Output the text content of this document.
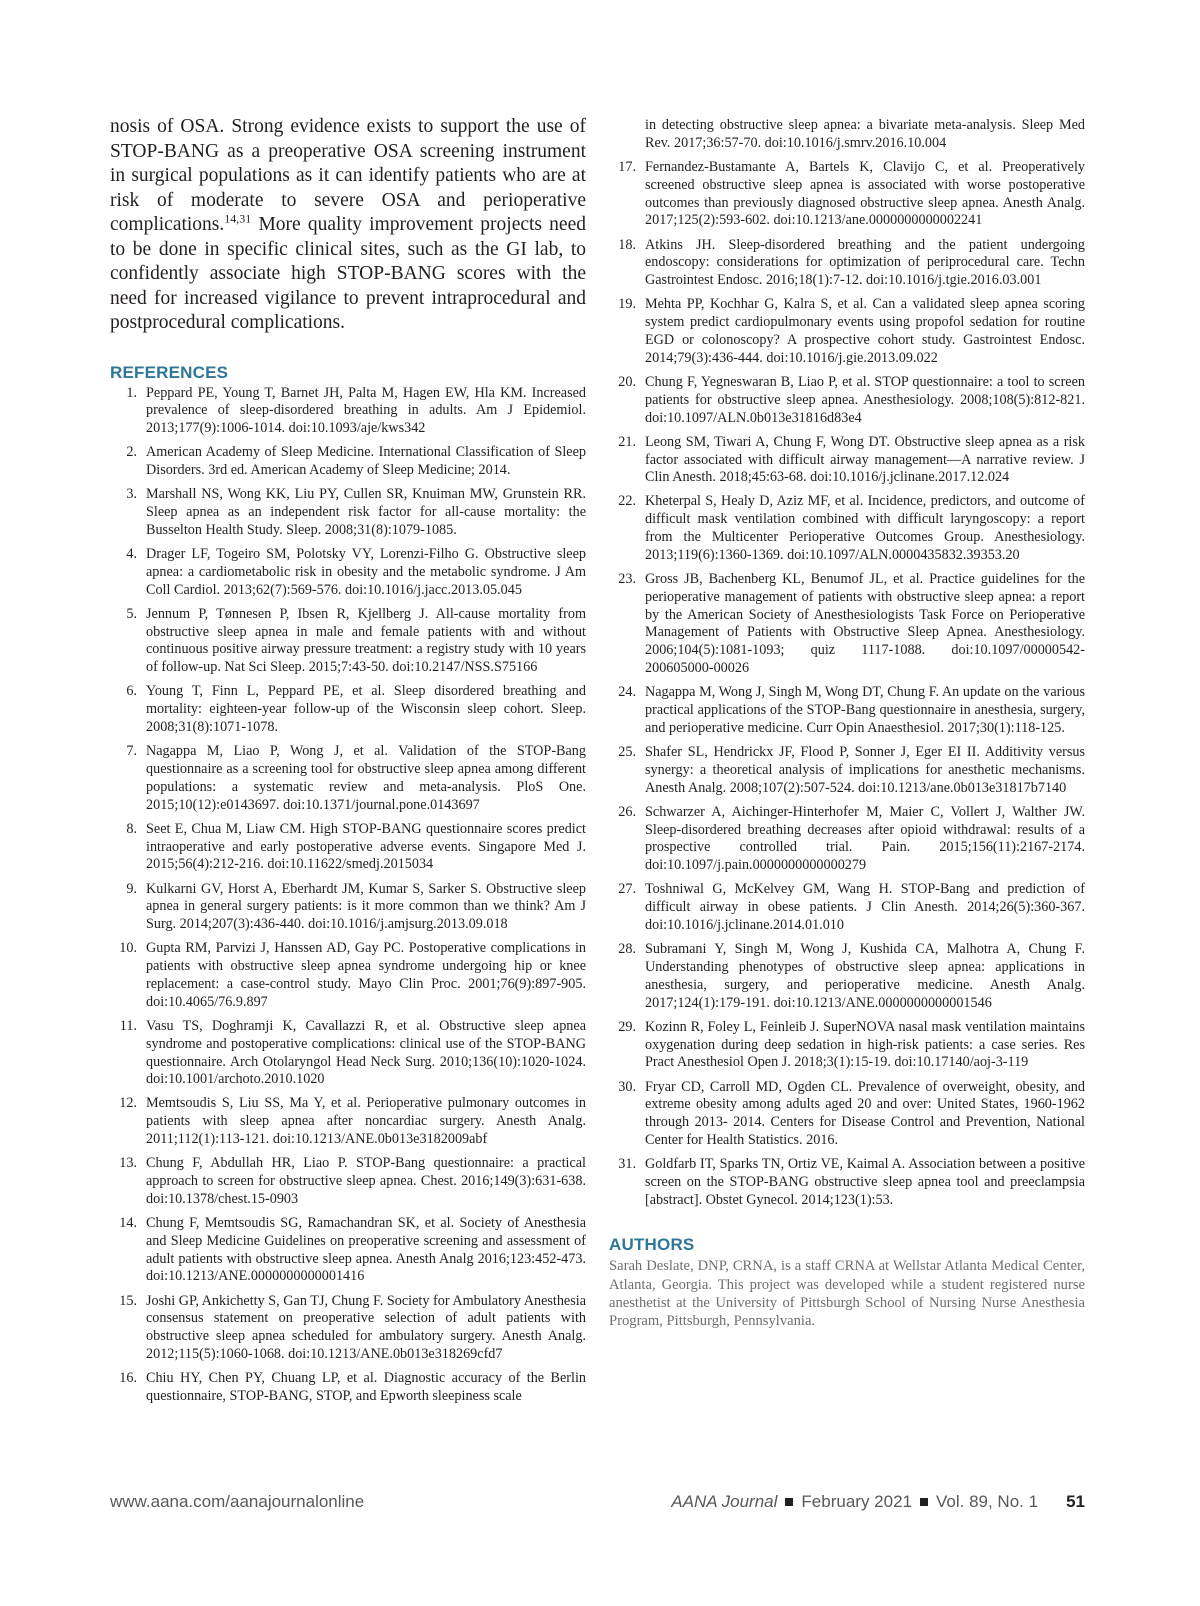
nosis of OSA. Strong evidence exists to support the use of STOP-BANG as a preoperative OSA screening instrument in surgical populations as it can identify patients who are at risk of moderate to severe OSA and perioperative complications.$^{14,31}$ More quality improvement projects need to be done in specific clinical sites, such as the GI lab, to confidently associate high STOP-BANG scores with the need for increased vigilance to prevent intraprocedural and postprocedural complications.

REFERENCES
1. Peppard PE, Young T, Barnet JH, Palta M, Hagen EW, Hla KM. Increased prevalence of sleep-disordered breathing in adults. Am J Epidemiol. 2013;177(9):1006-1014. doi:10.1093/aje/kws342
2. American Academy of Sleep Medicine. International Classification of Sleep Disorders. 3rd ed. American Academy of Sleep Medicine; 2014.
3. Marshall NS, Wong KK, Liu PY, Cullen SR, Knuiman MW, Grunstein RR. Sleep apnea as an independent risk factor for all-cause mortality: the Busselton Health Study. Sleep. 2008;31(8):1079-1085.
4. Drager LF, Togeiro SM, Polotsky VY, Lorenzi-Filho G. Obstructive sleep apnea: a cardiometabolic risk in obesity and the metabolic syndrome. J Am Coll Cardiol. 2013;62(7):569-576. doi:10.1016/j.jacc.2013.05.045
5. Jennum P, Tønnesen P, Ibsen R, Kjellberg J. All-cause mortality from obstructive sleep apnea in male and female patients with and without continuous positive airway pressure treatment: a registry study with 10 years of follow-up. Nat Sci Sleep. 2015;7:43-50. doi:10.2147/NSS.S75166
6. Young T, Finn L, Peppard PE, et al. Sleep disordered breathing and mortality: eighteen-year follow-up of the Wisconsin sleep cohort. Sleep. 2008;31(8):1071-1078.
7. Nagappa M, Liao P, Wong J, et al. Validation of the STOP-Bang questionnaire as a screening tool for obstructive sleep apnea among different populations: a systematic review and meta-analysis. PloS One. 2015;10(12):e0143697. doi:10.1371/journal.pone.0143697
8. Seet E, Chua M, Liaw CM. High STOP-BANG questionnaire scores predict intraoperative and early postoperative adverse events. Singapore Med J. 2015;56(4):212-216. doi:10.11622/smedj.2015034
9. Kulkarni GV, Horst A, Eberhardt JM, Kumar S, Sarker S. Obstructive sleep apnea in general surgery patients: is it more common than we think? Am J Surg. 2014;207(3):436-440. doi:10.1016/j.amjsurg.2013.09.018
10. Gupta RM, Parvizi J, Hanssen AD, Gay PC. Postoperative complications in patients with obstructive sleep apnea syndrome undergoing hip or knee replacement: a case-control study. Mayo Clin Proc. 2001;76(9):897-905. doi:10.4065/76.9.897
11. Vasu TS, Doghramji K, Cavallazzi R, et al. Obstructive sleep apnea syndrome and postoperative complications: clinical use of the STOP-BANG questionnaire. Arch Otolaryngol Head Neck Surg. 2010;136(10):1020-1024. doi:10.1001/archoto.2010.1020
12. Memtsoudis S, Liu SS, Ma Y, et al. Perioperative pulmonary outcomes in patients with sleep apnea after noncardiac surgery. Anesth Analg. 2011;112(1):113-121. doi:10.1213/ANE.0b013e3182009abf
13. Chung F, Abdullah HR, Liao P. STOP-Bang questionnaire: a practical approach to screen for obstructive sleep apnea. Chest. 2016;149(3):631-638. doi:10.1378/chest.15-0903
14. Chung F, Memtsoudis SG, Ramachandran SK, et al. Society of Anesthesia and Sleep Medicine Guidelines on preoperative screening and assessment of adult patients with obstructive sleep apnea. Anesth Analg 2016;123:452-473. doi:10.1213/ANE.0000000000001416
15. Joshi GP, Ankichetty S, Gan TJ, Chung F. Society for Ambulatory Anesthesia consensus statement on preoperative selection of adult patients with obstructive sleep apnea scheduled for ambulatory surgery. Anesth Analg. 2012;115(5):1060-1068. doi:10.1213/ANE.0b013e318269cfd7
16. Chiu HY, Chen PY, Chuang LP, et al. Diagnostic accuracy of the Berlin questionnaire, STOP-BANG, STOP, and Epworth sleepiness scale
in detecting obstructive sleep apnea: a bivariate meta-analysis. Sleep Med Rev. 2017;36:57-70. doi:10.1016/j.smrv.2016.10.004
17. Fernandez-Bustamante A, Bartels K, Clavijo C, et al. Preoperatively screened obstructive sleep apnea is associated with worse postoperative outcomes than previously diagnosed obstructive sleep apnea. Anesth Analg. 2017;125(2):593-602. doi:10.1213/ane.0000000000002241
18. Atkins JH. Sleep-disordered breathing and the patient undergoing endoscopy: considerations for optimization of periprocedural care. Techn Gastrointest Endosc. 2016;18(1):7-12. doi:10.1016/j.tgie.2016.03.001
19. Mehta PP, Kochhar G, Kalra S, et al. Can a validated sleep apnea scoring system predict cardiopulmonary events using propofol sedation for routine EGD or colonoscopy? A prospective cohort study. Gastrointest Endosc. 2014;79(3):436-444. doi:10.1016/j.gie.2013.09.022
20. Chung F, Yegneswaran B, Liao P, et al. STOP questionnaire: a tool to screen patients for obstructive sleep apnea. Anesthesiology. 2008;108(5):812-821. doi:10.1097/ALN.0b013e31816d83e4
21. Leong SM, Tiwari A, Chung F, Wong DT. Obstructive sleep apnea as a risk factor associated with difficult airway management—A narrative review. J Clin Anesth. 2018;45:63-68. doi:10.1016/j.jclinane.2017.12.024
22. Kheterpal S, Healy D, Aziz MF, et al. Incidence, predictors, and outcome of difficult mask ventilation combined with difficult laryngoscopy: a report from the Multicenter Perioperative Outcomes Group. Anesthesiology. 2013;119(6):1360-1369. doi:10.1097/ALN.0000435832.39353.20
23. Gross JB, Bachenberg KL, Benumof JL, et al. Practice guidelines for the perioperative management of patients with obstructive sleep apnea: a report by the American Society of Anesthesiologists Task Force on Perioperative Management of Patients with Obstructive Sleep Apnea. Anesthesiology. 2006;104(5):1081-1093; quiz 1117-1088. doi:10.1097/00000542-200605000-00026
24. Nagappa M, Wong J, Singh M, Wong DT, Chung F. An update on the various practical applications of the STOP-Bang questionnaire in anesthesia, surgery, and perioperative medicine. Curr Opin Anaesthesiol. 2017;30(1):118-125.
25. Shafer SL, Hendrickx JF, Flood P, Sonner J, Eger EI II. Additivity versus synergy: a theoretical analysis of implications for anesthetic mechanisms. Anesth Analg. 2008;107(2):507-524. doi:10.1213/ane.0b013e31817b7140
26. Schwarzer A, Aichinger-Hinterhofer M, Maier C, Vollert J, Walther JW. Sleep-disordered breathing decreases after opioid withdrawal: results of a prospective controlled trial. Pain. 2015;156(11):2167-2174. doi:10.1097/j.pain.0000000000000279
27. Toshniwal G, McKelvey GM, Wang H. STOP-Bang and prediction of difficult airway in obese patients. J Clin Anesth. 2014;26(5):360-367. doi:10.1016/j.jclinane.2014.01.010
28. Subramani Y, Singh M, Wong J, Kushida CA, Malhotra A, Chung F. Understanding phenotypes of obstructive sleep apnea: applications in anesthesia, surgery, and perioperative medicine. Anesth Analg. 2017;124(1):179-191. doi:10.1213/ANE.0000000000001546
29. Kozinn R, Foley L, Feinleib J. SuperNOVA nasal mask ventilation maintains oxygenation during deep sedation in high-risk patients: a case series. Res Pract Anesthesiol Open J. 2018;3(1):15-19. doi:10.17140/aoj-3-119
30. Fryar CD, Carroll MD, Ogden CL. Prevalence of overweight, obesity, and extreme obesity among adults aged 20 and over: United States, 1960-1962 through 2013- 2014. Centers for Disease Control and Prevention, National Center for Health Statistics. 2016.
31. Goldfarb IT, Sparks TN, Ortiz VE, Kaimal A. Association between a positive screen on the STOP-BANG obstructive sleep apnea tool and preeclampsia [abstract]. Obstet Gynecol. 2014;123(1):53.
AUTHORS

Sarah Deslate, DNP, CRNA, is a staff CRNA at Wellstar Atlanta Medical Center, Atlanta, Georgia. This project was developed while a student registered nurse anesthetist at the University of Pittsburgh School of Nursing Nurse Anesthesia Program, Pittsburgh, Pennsylvania.

www.aana.com/aanajournalonline	AANA Journal February 2021 Vol. 89, No. 1 51
